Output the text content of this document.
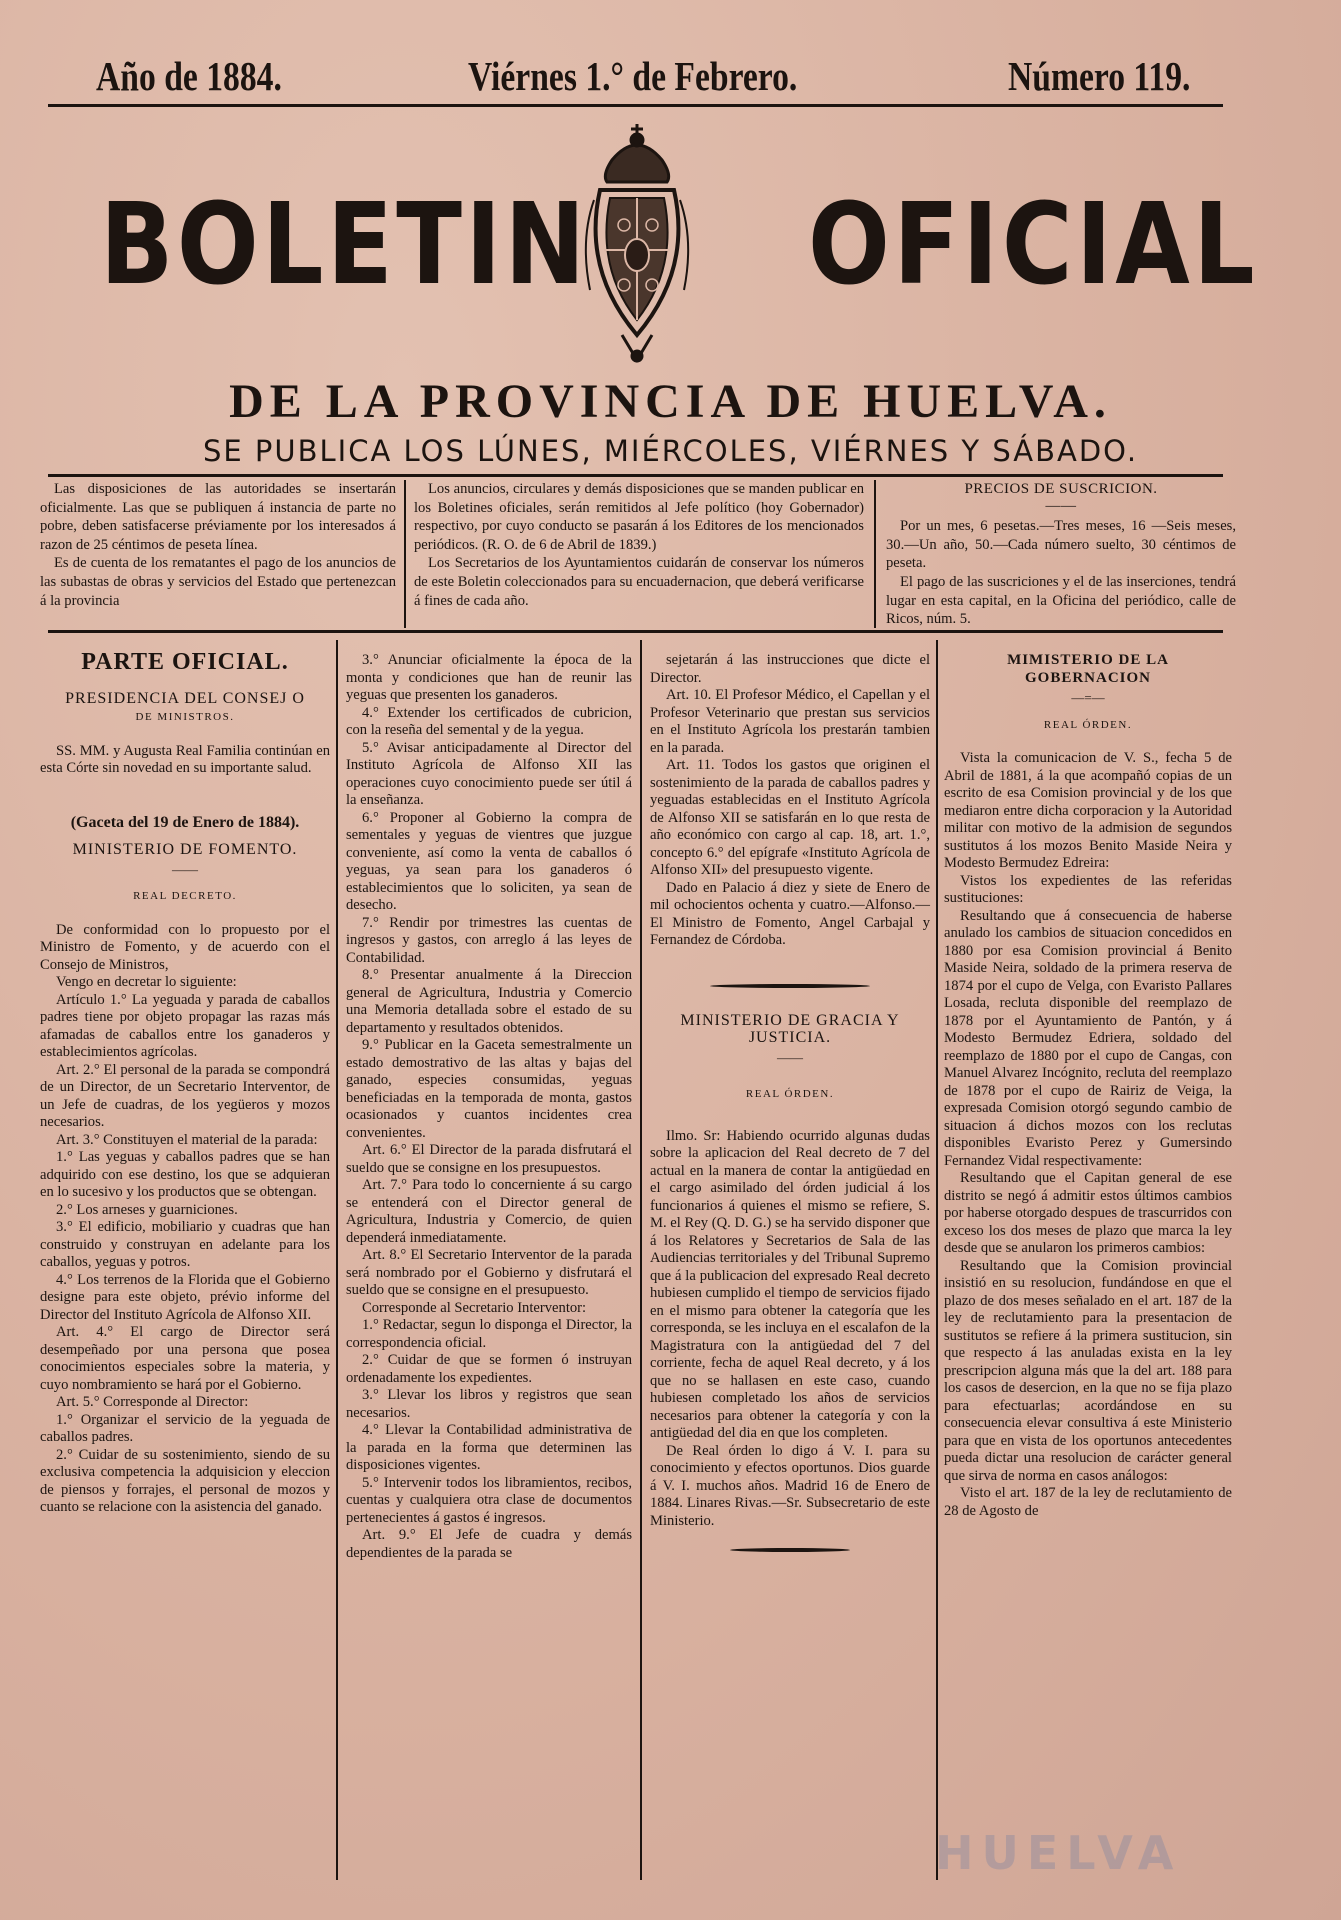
Año de 1884.	Viérnes 1.° de Febrero.	Número 119.
BOLETIN OFICIAL
DE LA PROVINCIA DE HUELVA.
SE PUBLICA LOS LÚNES, MIÉRCOLES, VIÉRNES Y SÁBADO.

Las disposiciones de las autoridades se insertarán oficialmente. Las que se publiquen á instancia de parte no pobre, deben satisfacerse préviamente por los interesados á razon de 25 céntimos de peseta línea.

Es de cuenta de los rematantes el pago de los anuncios de las subastas de obras y servicios del Estado que pertenezcan á la provincia

Los anuncios, circulares y demás disposiciones que se manden publicar en los Boletines oficiales, serán remitidos al Jefe político (hoy Gobernador) respectivo, por cuyo conducto se pasarán á los Editores de los mencionados periódicos. (R. O. de 6 de Abril de 1839.)

Los Secretarios de los Ayuntamientos cuidarán de conservar los números de este Boletin coleccionados para su encuadernacion, que deberá verificarse á fines de cada año.

PRECIOS DE SUSCRICION.

——

Por un mes, 6 pesetas.—Tres meses, 16 —Seis meses, 30.—Un año, 50.—Cada número suelto, 30 céntimos de peseta.

El pago de las suscriciones y el de las inserciones, tendrá lugar en esta capital, en la Oficina del periódico, calle de Ricos, núm. 5.

PARTE OFICIAL.

PRESIDENCIA DEL CONSEJ O

DE MINISTROS.

SS. MM. y Augusta Real Familia continúan en esta Córte sin novedad en su importante salud.

(Gaceta del 19 de Enero de 1884).

MINISTERIO DE FOMENTO.

——

REAL DECRETO.

De conformidad con lo propuesto por el Ministro de Fomento, y de acuerdo con el Consejo de Ministros,

Vengo en decretar lo siguiente:

Artículo 1.° La yeguada y parada de caballos padres tiene por objeto propagar las razas más afamadas de caballos entre los ganaderos y establecimientos agrícolas.

Art. 2.° El personal de la parada se compondrá de un Director, de un Secretario Interventor, de un Jefe de cuadras, de los yegüeros y mozos necesarios.

Art. 3.° Constituyen el material de la parada:

1.° Las yeguas y caballos padres que se han adquirido con ese destino, los que se adquieran en lo sucesivo y los productos que se obtengan.

2.° Los arneses y guarniciones.

3.° El edificio, mobiliario y cuadras que han construido y construyan en adelante para los caballos, yeguas y potros.

4.° Los terrenos de la Florida que el Gobierno designe para este objeto, prévio informe del Director del Instituto Agrícola de Alfonso XII.

Art. 4.° El cargo de Director será desempeñado por una persona que posea conocimientos especiales sobre la materia, y cuyo nombramiento se hará por el Gobierno.

Art. 5.° Corresponde al Director:

1.° Organizar el servicio de la yeguada de caballos padres.

2.° Cuidar de su sostenimiento, siendo de su exclusiva competencia la adquisicion y eleccion de piensos y forrajes, el personal de mozos y cuanto se relacione con la asistencia del ganado.

3.° Anunciar oficialmente la época de la monta y condiciones que han de reunir las yeguas que presenten los ganaderos.

4.° Extender los certificados de cubricion, con la reseña del semental y de la yegua.

5.° Avisar anticipadamente al Director del Instituto Agrícola de Alfonso XII las operaciones cuyo conocimiento puede ser útil á la enseñanza.

6.° Proponer al Gobierno la compra de sementales y yeguas de vientres que juzgue conveniente, así como la venta de caballos ó yeguas, ya sean para los ganaderos ó establecimientos que lo soliciten, ya sean de desecho.

7.° Rendir por trimestres las cuentas de ingresos y gastos, con arreglo á las leyes de Contabilidad.

8.° Presentar anualmente á la Direccion general de Agricultura, Industria y Comercio una Memoria detallada sobre el estado de su departamento y resultados obtenidos.

9.° Publicar en la Gaceta semestralmente un estado demostrativo de las altas y bajas del ganado, especies consumidas, yeguas beneficiadas en la temporada de monta, gastos ocasionados y cuantos incidentes crea convenientes.

Art. 6.° El Director de la parada disfrutará el sueldo que se consigne en los presupuestos.

Art. 7.° Para todo lo concerniente á su cargo se entenderá con el Director general de Agricultura, Industria y Comercio, de quien dependerá inmediatamente.

Art. 8.° El Secretario Interventor de la parada será nombrado por el Gobierno y disfrutará el sueldo que se consigne en el presupuesto.

Corresponde al Secretario Interventor:

1.° Redactar, segun lo disponga el Director, la correspondencia oficial.

2.° Cuidar de que se formen ó instruyan ordenadamente los expedientes.

3.° Llevar los libros y registros que sean necesarios.

4.° Llevar la Contabilidad administrativa de la parada en la forma que determinen las disposiciones vigentes.

5.° Intervenir todos los libramientos, recibos, cuentas y cualquiera otra clase de documentos pertenecientes á gastos é ingresos.

Art. 9.° El Jefe de cuadra y demás dependientes de la parada se

sejetarán á las instrucciones que dicte el Director.

Art. 10. El Profesor Médico, el Capellan y el Profesor Veterinario que prestan sus servicios en el Instituto Agrícola los prestarán tambien en la parada.

Art. 11. Todos los gastos que originen el sostenimiento de la parada de caballos padres y yeguadas establecidas en el Instituto Agrícola de Alfonso XII se satisfarán en lo que resta de año económico con cargo al cap. 18, art. 1.°, concepto 6.° del epígrafe «Instituto Agrícola de Alfonso XII» del presupuesto vigente.

Dado en Palacio á diez y siete de Enero de mil ochocientos ochenta y cuatro.—Alfonso.—El Ministro de Fomento, Angel Carbajal y Fernandez de Córdoba.

MINISTERIO DE GRACIA Y JUSTICIA.

——

REAL ÓRDEN.

Ilmo. Sr: Habiendo ocurrido algunas dudas sobre la aplicacion del Real decreto de 7 del actual en la manera de contar la antigüedad en el cargo asimilado del órden judicial á los funcionarios á quienes el mismo se refiere, S. M. el Rey (Q. D. G.) se ha servido disponer que á los Relatores y Secretarios de Sala de las Audiencias territoriales y del Tribunal Supremo que á la publicacion del expresado Real decreto hubiesen cumplido el tiempo de servicios fijado en el mismo para obtener la categoría que les corresponda, se les incluya en el escalafon de la Magistratura con la antigüedad del 7 del corriente, fecha de aquel Real decreto, y á los que no se hallasen en este caso, cuando hubiesen completado los años de servicios necesarios para obtener la categoría y con la antigüedad del dia en que los completen.

De Real órden lo digo á V. I. para su conocimiento y efectos oportunos. Dios guarde á V. I. muchos años. Madrid 16 de Enero de 1884. Linares Rivas.—Sr. Subsecretario de este Ministerio.

MIMISTERIO DE LA GOBERNACION

—=—

REAL ÓRDEN.

Vista la comunicacion de V. S., fecha 5 de Abril de 1881, á la que acompañó copias de un escrito de esa Comision provincial y de los que mediaron entre dicha corporacion y la Autoridad militar con motivo de la admision de segundos sustitutos á los mozos Benito Maside Neira y Modesto Bermudez Edreira:

Vistos los expedientes de las referidas sustituciones:

Resultando que á consecuencia de haberse anulado los cambios de situacion concedidos en 1880 por esa Comision provincial á Benito Maside Neira, soldado de la primera reserva de 1874 por el cupo de Velga, con Evaristo Pallares Losada, recluta disponible del reemplazo de 1878 por el Ayuntamiento de Pantón, y á Modesto Bermudez Edriera, soldado del reemplazo de 1880 por el cupo de Cangas, con Manuel Alvarez Incógnito, recluta del reemplazo de 1878 por el cupo de Rairiz de Veiga, la expresada Comision otorgó segundo cambio de situacion á dichos mozos con los reclutas disponibles Evaristo Perez y Gumersindo Fernandez Vidal respectivamente:

Resultando que el Capitan general de ese distrito se negó á admitir estos últimos cambios por haberse otorgado despues de trascurridos con exceso los dos meses de plazo que marca la ley desde que se anularon los primeros cambios:

Resultando que la Comision provincial insistió en su resolucion, fundándose en que el plazo de dos meses señalado en el art. 187 de la ley de reclutamiento para la presentacion de sustitutos se refiere á la primera sustitucion, sin que respecto á las anuladas exista en la ley prescripcion alguna más que la del art. 188 para los casos de desercion, en la que no se fija plazo para efectuarlas; acordándose en su consecuencia elevar consultiva á este Ministerio para que en vista de los oportunos antecedentes pueda dictar una resolucion de carácter general que sirva de norma en casos análogos:

Visto el art. 187 de la ley de reclutamiento de 28 de Agosto de

HUELVA
